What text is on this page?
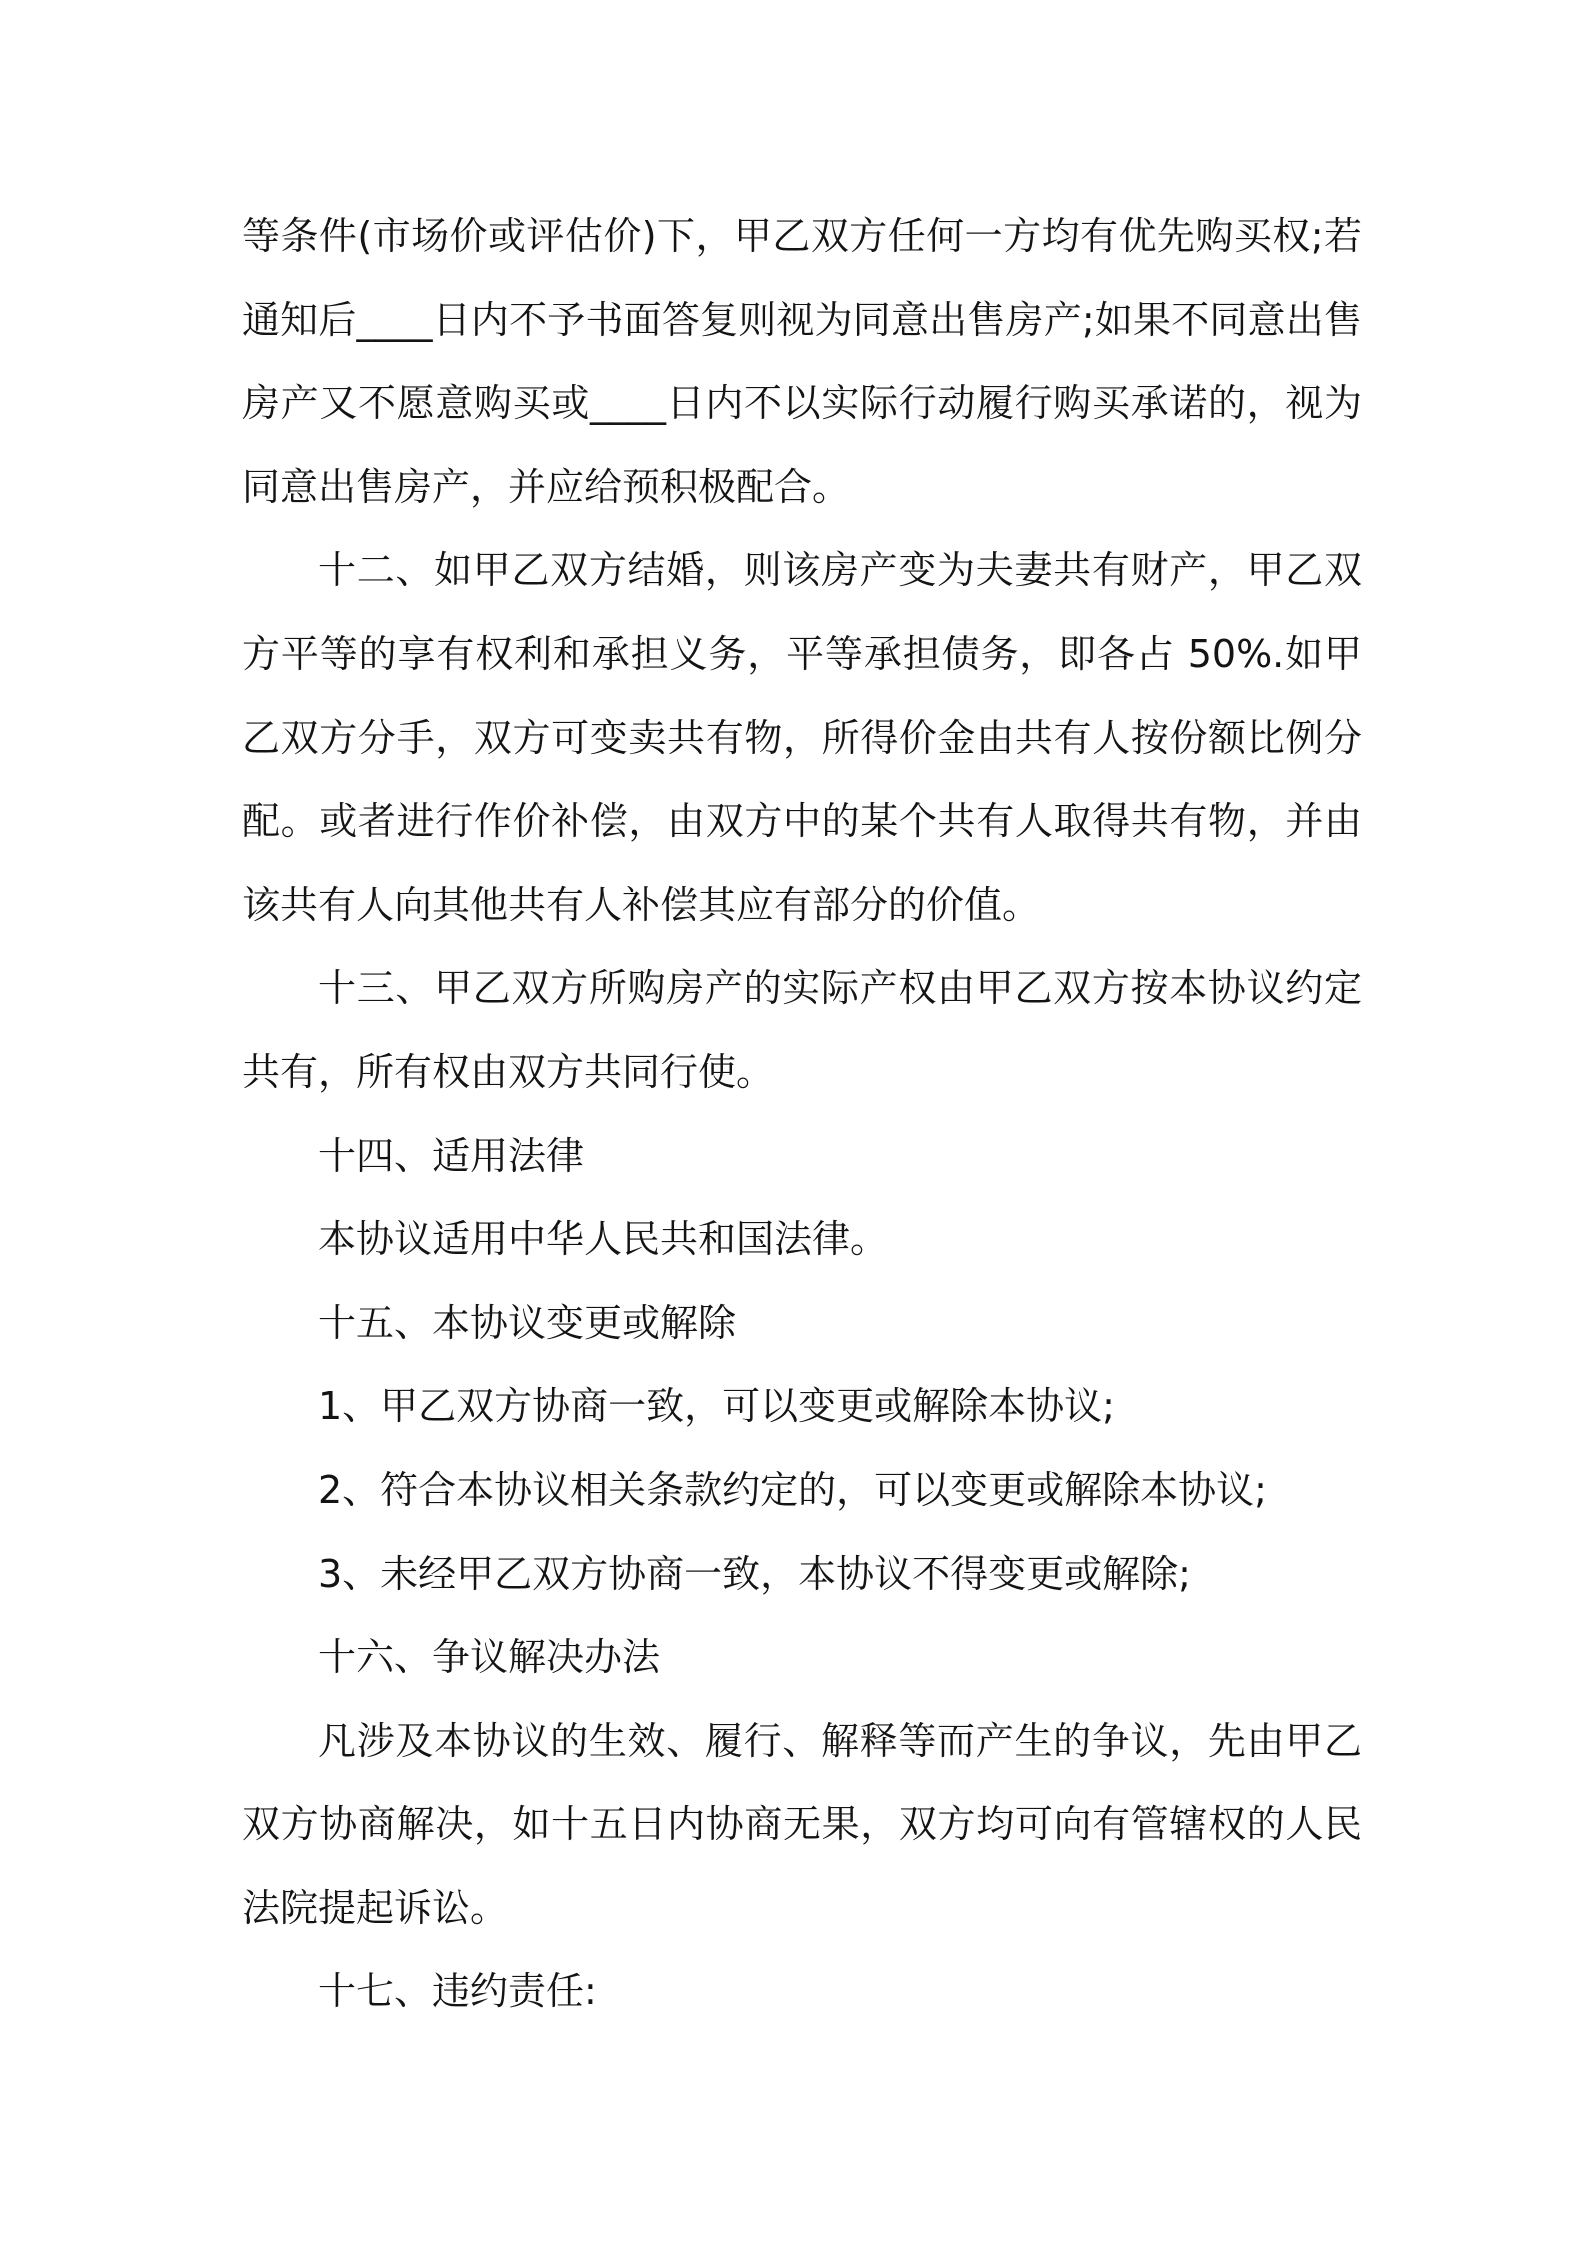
等条件(市场价或评估价)下，甲乙双方任何一方均有优先购买权;若通知后____日内不予书面答复则视为同意出售房产;如果不同意出售房产又不愿意购买或____日内不以实际行动履行购买承诺的，视为同意出售房产，并应给预积极配合。

十二、如甲乙双方结婚，则该房产变为夫妻共有财产，甲乙双方平等的享有权利和承担义务，平等承担债务，即各占 50%.如甲乙双方分手，双方可变卖共有物，所得价金由共有人按份额比例分配。或者进行作价补偿，由双方中的某个共有人取得共有物，并由该共有人向其他共有人补偿其应有部分的价值。

十三、甲乙双方所购房产的实际产权由甲乙双方按本协议约定共有，所有权由双方共同行使。

十四、适用法律

本协议适用中华人民共和国法律。

十五、本协议变更或解除

1、甲乙双方协商一致，可以变更或解除本协议;

2、符合本协议相关条款约定的，可以变更或解除本协议;

3、未经甲乙双方协商一致，本协议不得变更或解除;

十六、争议解决办法

凡涉及本协议的生效、履行、解释等而产生的争议，先由甲乙双方协商解决，如十五日内协商无果，双方均可向有管辖权的人民法院提起诉讼。

十七、违约责任:
